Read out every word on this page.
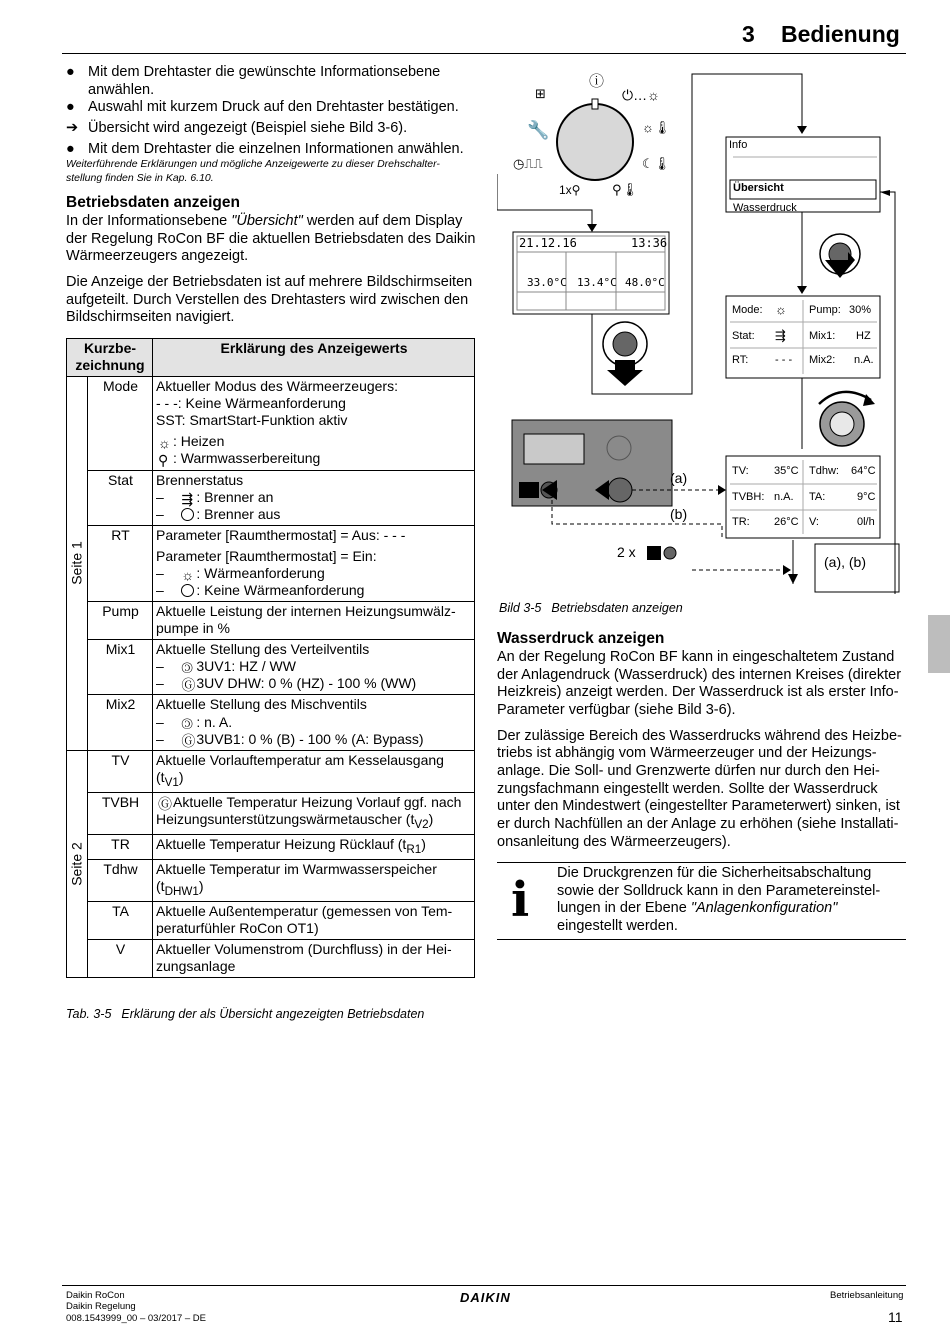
3 Bedienung
● Mit dem Drehtaster die gewünschte Informationsebene anwählen.
● Auswahl mit kurzem Druck auf den Drehtaster bestätigen.
➔ Übersicht wird angezeigt (Beispiel siehe Bild 3-6).
● Mit dem Drehtaster die einzelnen Informationen anwählen.
Weiterführende Erklärungen und mögliche Anzeigewerte zu dieser Drehschalter- stellung finden Sie in Kap. 6.10.
Betriebsdaten anzeigen

In der Informationsebene "Übersicht" werden auf dem Display der Regelung RoCon BF die aktuellen Betriebsdaten des Daikin Wärmeerzeugers angezeigt.

Die Anzeige der Betriebsdaten ist auf mehrere Bildschirmseiten aufgeteilt. Durch Verstellen des Drehtasters wird zwischen den Bildschirmseiten navigiert.

Kurzbe- zeichnung		Erklärung des Anzeigewerts

Seite 1	Mode	Aktueller Modus des Wärmeerzeugers:
- - -: Keine Wärmeanforderung
SST: SmartStart-Funktion aktiv
☼ : Heizen
⚲ : Warmwasserbereitung

	Stat	Brennerstatus
–    ⇶ : Brenner an
–    : Brenner aus

	RT	Parameter [Raumthermostat] = Aus: - - -
Parameter [Raumthermostat] = Ein:
–    ☼ : Wärmeanforderung
–    : Keine Wärmeanforderung

	Pump	Aktuelle Leistung der internen Heizungsumwälz- pumpe in %
	Mix1	Aktuelle Stellung des Verteilventils
–    🄯 3UV1: HZ / WW
–    Ⓖ3UV DHW: 0 % (HZ) - 100 % (WW)

	Mix2	Aktuelle Stellung des Mischventils
–    🄯 : n. A.
–    Ⓖ3UVB1: 0 % (B) - 100 % (A: Bypass)

Seite 2	TV	Aktuelle Vorlauftemperatur am Kesselausgang $(t_{V1})$
	TVBH	ⒼAktuelle Temperatur Heizung Vorlauf ggf. nach Heizungsunterstützungswärmetauscher $(t_{V2})$
	TR	Aktuelle Temperatur Heizung Rücklauf $(t_{R1})$
	Tdhw	Aktuelle Temperatur im Warmwasserspeicher $(t_{DHW1})$
	TA	Aktuelle Außentemperatur (gemessen von Tem- peraturfühler RoCon OT1)
	V	Aktueller Volumenstrom (Durchfluss) in der Hei- zungsanlage
Tab. 3-5 Erklärung der als Übersicht angezeigten Betriebsdaten
⊞
ⓘ
⏻…☼
☼🌡
☾🌡
⚲🌡
1x⚲
◷⎍⎍
🔧
21.12.16	13:36
33.0°C 13.4°C 48.0°C
Info
Übersicht
Wasserdruck
Mode: ☼ Pump: 30%
Stat: ⇶ Mix1: HZ
RT: - - - Mix2: n.A.
TV: 35°C Tdhw: 64°C
TVBH: n.A. TA:	9°C
TR: 26°C V:	0l/h
(a)
(b)
2 x
(a), (b)
Bild 3-5 Betriebsdaten anzeigen
Wasserdruck anzeigen

An der Regelung RoCon BF kann in eingeschaltetem Zustand der Anlagendruck (Wasserdruck) des internen Kreises (direkter Heizkreis) anzeigt werden. Der Wasserdruck ist als erster Info- Parameter verfügbar (siehe Bild 3-6).

Der zulässige Bereich des Wasserdrucks während des Heizbe- triebs ist abhängig vom Wärmeerzeuger und der Heizungs- anlage. Die Soll- und Grenzwerte dürfen nur durch den Hei- zungsfachmann eingestellt werden. Sollte der Wasserdruck unter den Mindestwert (eingestellter Parameterwert) sinken, ist er durch Nachfüllen an der Anlage zu erhöhen (siehe Installati- onsanleitung des Wärmeerzeugers).

i Die Druckgrenzen für die Sicherheitsabschaltung sowie der Solldruck kann in den Parametereinstel- lungen in der Ebene "Anlagenkonfiguration" eingestellt werden.

Daikin RoCon
Daikin Regelung
008.1543999_00 – 03/2017 – DE
DAIKIN	Betriebsanleitung
11
